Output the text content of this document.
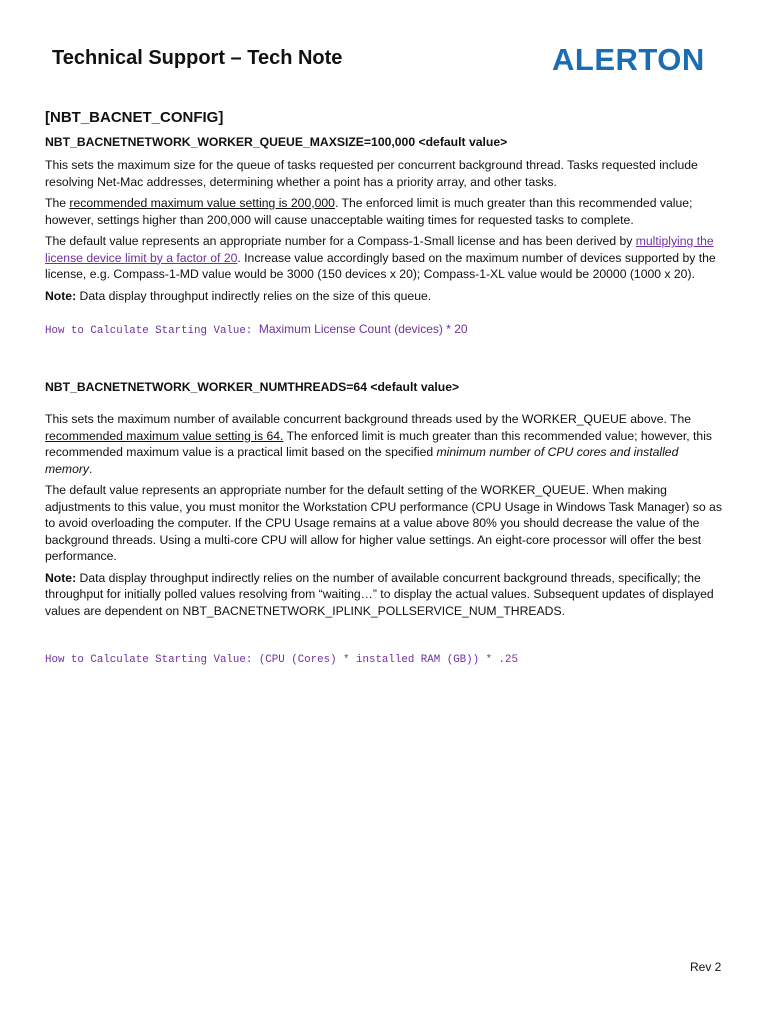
Technical Support – Tech Note	ALERTON
[NBT_BACNET_CONFIG]
NBT_BACNETNETWORK_WORKER_QUEUE_MAXSIZE=100,000 <default value>

This sets the maximum size for the queue of tasks requested per concurrent background thread. Tasks requested include resolving Net-Mac addresses, determining whether a point has a priority array, and other tasks.

The recommended maximum value setting is 200,000. The enforced limit is much greater than this recommended value; however, settings higher than 200,000 will cause unacceptable waiting times for requested tasks to complete.

The default value represents an appropriate number for a Compass-1-Small license and has been derived by multiplying the license device limit by a factor of 20. Increase value accordingly based on the maximum number of devices supported by the license, e.g. Compass-1-MD value would be 3000 (150 devices x 20); Compass-1-XL value would be 20000 (1000 x 20).

Note: Data display throughput indirectly relies on the size of this queue.

How to Calculate Starting Value: Maximum License Count (devices) * 20
NBT_BACNETNETWORK_WORKER_NUMTHREADS=64 <default value>

This sets the maximum number of available concurrent background threads used by the WORKER_QUEUE above. The recommended maximum value setting is 64. The enforced limit is much greater than this recommended value; however, this recommended maximum value is a practical limit based on the specified minimum number of CPU cores and installed memory.

The default value represents an appropriate number for the default setting of the WORKER_QUEUE. When making adjustments to this value, you must monitor the Workstation CPU performance (CPU Usage in Windows Task Manager) so as to avoid overloading the computer. If the CPU Usage remains at a value above 80% you should decrease the value of the background threads. Using a multi-core CPU will allow for higher value settings. An eight-core processor will offer the best performance.

Note: Data display throughput indirectly relies on the number of available concurrent background threads, specifically; the throughput for initially polled values resolving from “waiting…” to display the actual values. Subsequent updates of displayed values are dependent on NBT_BACNETNETWORK_IPLINK_POLLSERVICE_NUM_THREADS.

How to Calculate Starting Value: (CPU (Cores) * installed RAM (GB)) * .25
Rev 2
